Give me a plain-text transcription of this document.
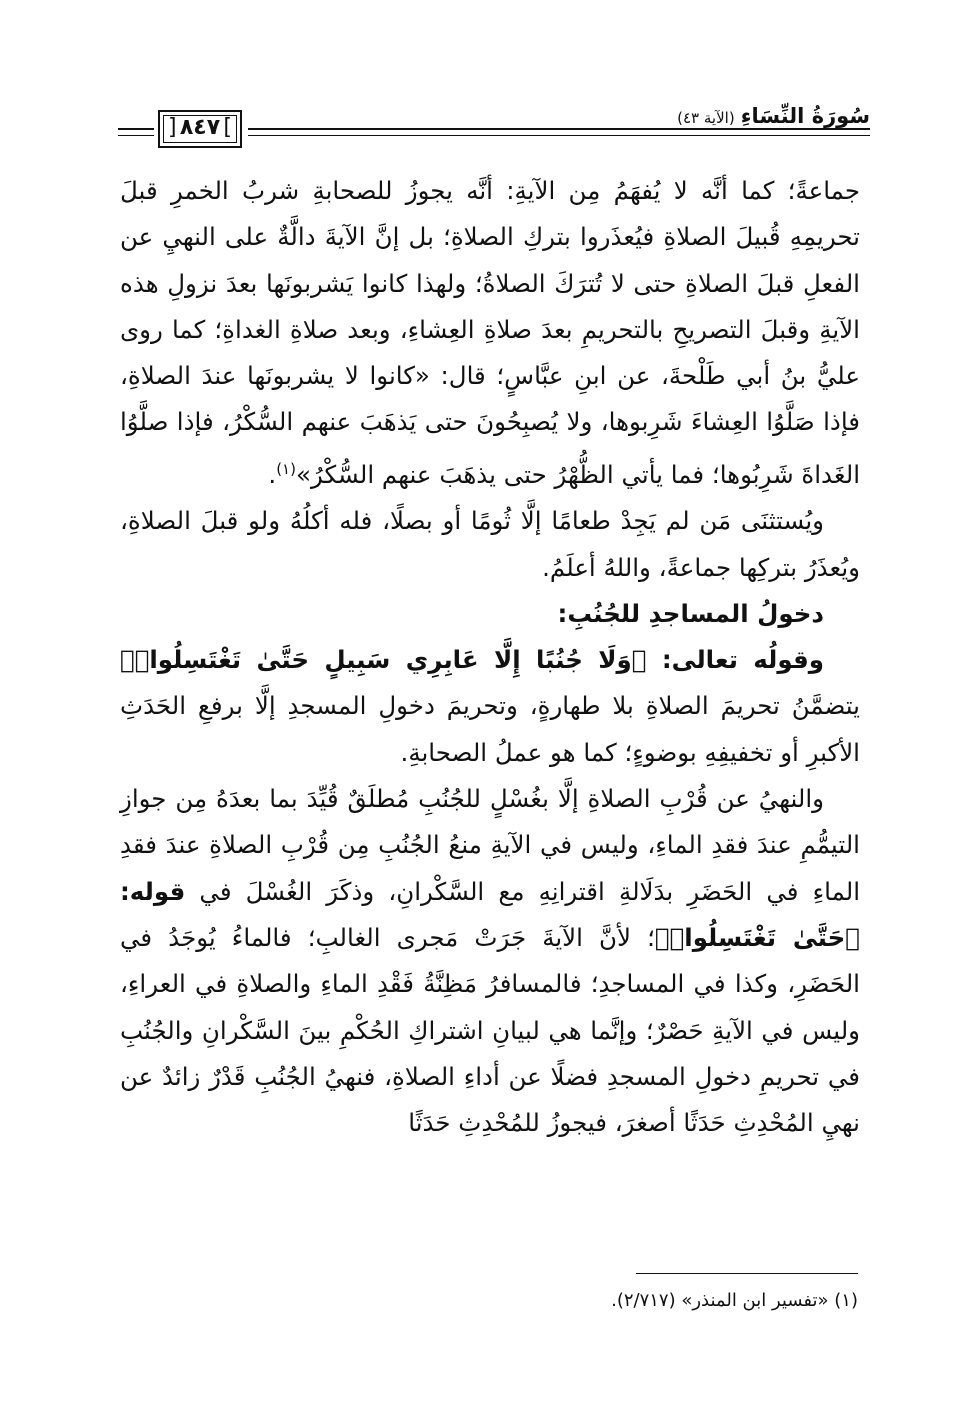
[ ٨٤٧ ]	سُورَةُ النِّسَاءِ (الآية ٤٣)

جماعةً؛ كما أنَّه لا يُفهَمُ مِن الآيةِ: أنَّه يجوزُ للصحابةِ شربُ الخمرِ قبلَ تحريمِهِ قُبيلَ الصلاةِ فيُعذَروا بتركِ الصلاةِ؛ بل إنَّ الآيةَ دالَّةٌ على النهيِ عن الفعلِ قبلَ الصلاةِ حتى لا تُترَكَ الصلاةُ؛ ولهذا كانوا يَشربونَها بعدَ نزولِ هذه الآيةِ وقبلَ التصريحِ بالتحريمِ بعدَ صلاةِ العِشاءِ، وبعد صلاةِ الغداةِ؛ كما روى عليُّ بنُ أبي طَلْحةَ، عن ابنِ عبَّاسٍ؛ قال: «كانوا لا يشربونَها عندَ الصلاةِ، فإذا صَلَّوُا العِشاءَ شَرِبوها، ولا يُصبِحُونَ حتى يَذهَبَ عنهم السُّكْرُ، فإذا صلَّوُا الغَداةَ شَرِبُوها؛ فما يأتي الظُّهْرُ حتى يذهَبَ عنهم السُّكْرُ»$^{(١)}$.

ويُستثنَى مَن لم يَجِدْ طعامًا إلَّا ثُومًا أو بصلًا، فله أكلُهُ ولو قبلَ الصلاةِ، ويُعذَرُ بتركِها جماعةً، واللهُ أعلَمُ.

دخولُ المساجدِ للجُنُبِ:

وقولُه تعالى: ﴿وَلَا جُنُبًا إِلَّا عَابِرِي سَبِيلٍ حَتَّىٰ تَغْتَسِلُوا۟﴾ يتضمَّنُ تحريمَ الصلاةِ بلا طهارةٍ، وتحريمَ دخولِ المسجدِ إلَّا برفعِ الحَدَثِ الأكبرِ أو تخفيفِهِ بوضوءٍ؛ كما هو عملُ الصحابةِ.

والنهيُ عن قُرْبِ الصلاةِ إلَّا بغُسْلٍ للجُنُبِ مُطلَقٌ قُيِّدَ بما بعدَهُ مِن جوازِ التيمُّمِ عندَ فقدِ الماءِ، وليس في الآيةِ منعُ الجُنُبِ مِن قُرْبِ الصلاةِ عندَ فقدِ الماءِ في الحَضَرِ بدَلَالةِ اقترانِهِ مع السَّكْرانِ، وذكَرَ الغُسْلَ في قوله: ﴿حَتَّىٰ تَغْتَسِلُوا۟﴾؛ لأنَّ الآيةَ جَرَتْ مَجرى الغالبِ؛ فالماءُ يُوجَدُ في الحَضَرِ، وكذا في المساجدِ؛ فالمسافرُ مَظِنَّةُ فَقْدِ الماءِ والصلاةِ في العراءِ، وليس في الآيةِ حَصْرٌ؛ وإنَّما هي لبيانِ اشتراكِ الحُكْمِ بينَ السَّكْرانِ والجُنُبِ في تحريمِ دخولِ المسجدِ فضلًا عن أداءِ الصلاةِ، فنهيُ الجُنُبِ قَدْرٌ زائدٌ عن نهيِ المُحْدِثِ حَدَثًا أصغرَ، فيجوزُ للمُحْدِثِ حَدَثًا

(١) «تفسير ابن المنذر» (٢/٧١٧).
